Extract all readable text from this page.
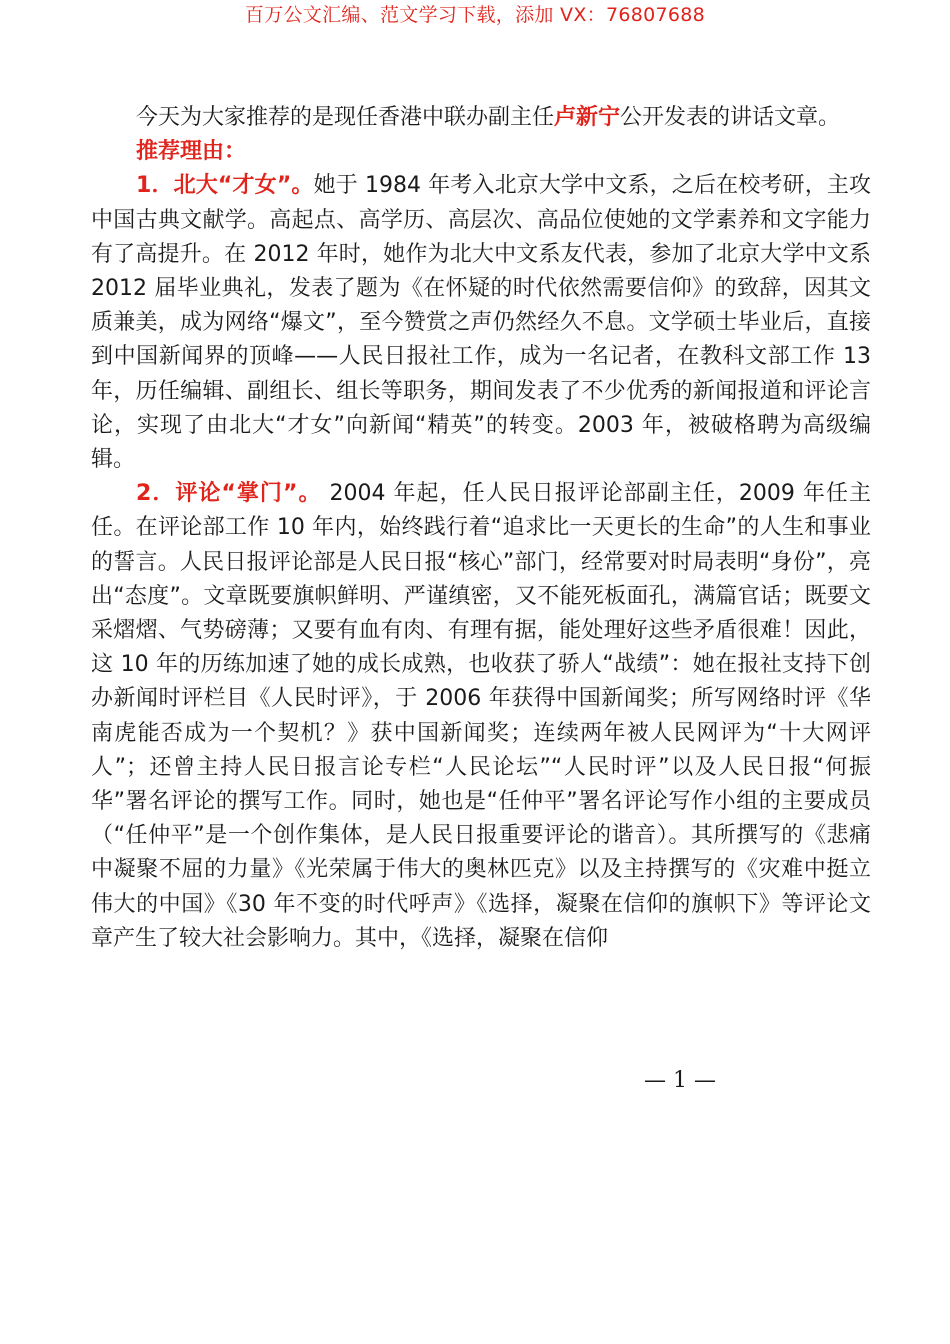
百万公文汇编、范文学习下载，添加 VX：76807688

今天为大家推荐的是现任香港中联办副主任卢新宁公开发表的讲话文章。

推荐理由：

1．北大“才女”。她于 1984 年考入北京大学中文系，之后在校考研，主攻中国古典文献学。高起点、高学历、高层次、高品位使她的文学素养和文字能力有了高提升。在 2012 年时，她作为北大中文系友代表，参加了北京大学中文系 2012 届毕业典礼，发表了题为《在怀疑的时代依然需要信仰》的致辞，因其文质兼美，成为网络“爆文”，至今赞赏之声仍然经久不息。文学硕士毕业后，直接到中国新闻界的顶峰——人民日报社工作，成为一名记者，在教科文部工作 13 年，历任编辑、副组长、组长等职务，期间发表了不少优秀的新闻报道和评论言论，实现了由北大“才女”向新闻“精英”的转变。2003 年，被破格聘为高级编辑。

2．评论“掌门”。 2004 年起，任人民日报评论部副主任，2009 年任主任。在评论部工作 10 年内，始终践行着“追求比一天更长的生命”的人生和事业的誓言。人民日报评论部是人民日报“核心”部门，经常要对时局表明“身份”，亮出“态度”。文章既要旗帜鲜明、严谨缜密，又不能死板面孔，满篇官话；既要文采熠熠、气势磅薄；又要有血有肉、有理有据，能处理好这些矛盾很难！因此，这 10 年的历练加速了她的成长成熟，也收获了骄人“战绩”：她在报社支持下创办新闻时评栏目《人民时评》，于 2006 年获得中国新闻奖；所写网络时评《华南虎能否成为一个契机？》获中国新闻奖；连续两年被人民网评为“十大网评人”；还曾主持人民日报言论专栏“人民论坛”“人民时评”以及人民日报“何振华”署名评论的撰写工作。同时，她也是“任仲平”署名评论写作小组的主要成员（“任仲平”是一个创作集体，是人民日报重要评论的谐音）。其所撰写的《悲痛中凝聚不屈的力量》《光荣属于伟大的奥林匹克》以及主持撰写的《灾难中挺立伟大的中国》《30 年不变的时代呼声》《选择，凝聚在信仰的旗帜下》等评论文章产生了较大社会影响力。其中，《选择，凝聚在信仰

— 1 —
